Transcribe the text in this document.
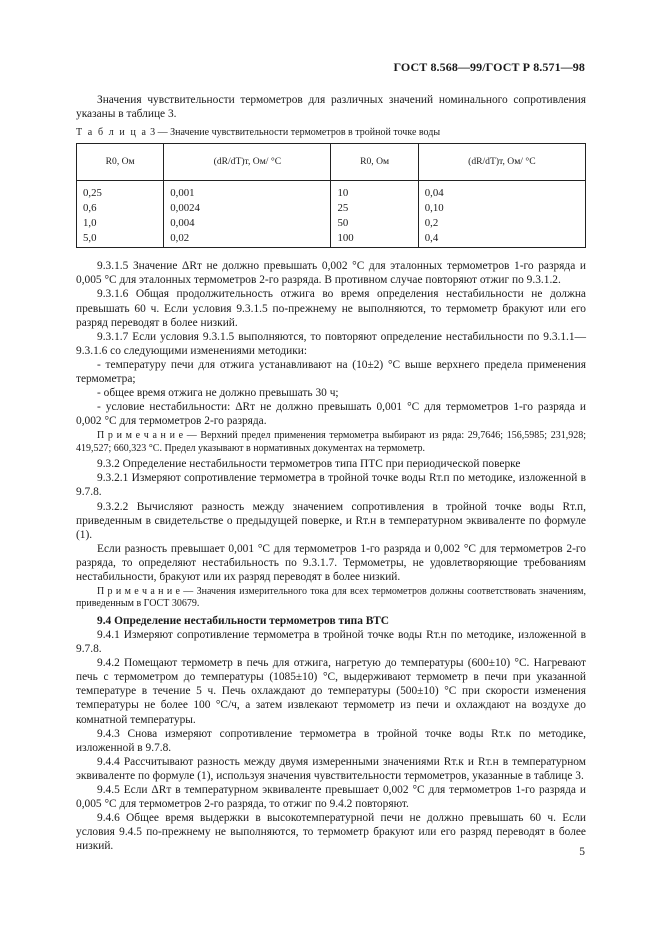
ГОСТ 8.568—99/ГОСТ Р 8.571—98

Значения чувствительности термометров для различных значений номинального сопротивления указаны в таблице 3.

Т а б л и ц а 3 — Значение чувствительности термометров в тройной точке воды
R0, Ом	(dR/dT)т, Ом/ °С	R0, Ом	(dR/dT)т, Ом/ °С
0,25	0,001	10	0,04
0,6	0,0024	25	0,10
1,0	0,004	50	0,2
5,0	0,02	100	0,4

9.3.1.5 Значение ΔRт не должно превышать 0,002 °С для эталонных термометров 1-го разряда и 0,005 °С для эталонных термометров 2-го разряда. В противном случае повторяют отжиг по 9.3.1.2.

9.3.1.6 Общая продолжительность отжига во время определения нестабильности не должна превышать 60 ч. Если условия 9.3.1.5 по-прежнему не выполняются, то термометр бракуют или его разряд переводят в более низкий.

9.3.1.7 Если условия 9.3.1.5 выполняются, то повторяют определение нестабильности по 9.3.1.1—9.3.1.6 со следующими изменениями методики:

- температуру печи для отжига устанавливают на (10±2) °С выше верхнего предела применения термометра;

- общее время отжига не должно превышать 30 ч;

- условие нестабильности: ΔRт не должно превышать 0,001 °С для термометров 1-го разряда и 0,002 °С для термометров 2-го разряда.

П р и м е ч а н и е — Верхний предел применения термометра выбирают из ряда: 29,7646; 156,5985; 231,928; 419,527; 660,323 °С. Предел указывают в нормативных документах на термометр.

9.3.2 Определение нестабильности термометров типа ПТС при периодической поверке

9.3.2.1 Измеряют сопротивление термометра в тройной точке воды Rт.п по методике, изложенной в 9.7.8.

9.3.2.2 Вычисляют разность между значением сопротивления в тройной точке воды Rт.п, приведенным в свидетельстве о предыдущей поверке, и Rт.н в температурном эквиваленте по формуле (1).

Если разность превышает 0,001 °С для термометров 1-го разряда и 0,002 °С для термометров 2-го разряда, то определяют нестабильность по 9.3.1.7. Термометры, не удовлетворяющие требованиям нестабильности, бракуют или их разряд переводят в более низкий.

П р и м е ч а н и е — Значения измерительного тока для всех термометров должны соответствовать значениям, приведенным в ГОСТ 30679.

9.4 Определение нестабильности термометров типа ВТС

9.4.1 Измеряют сопротивление термометра в тройной точке воды Rт.н по методике, изложенной в 9.7.8.

9.4.2 Помещают термометр в печь для отжига, нагретую до температуры (600±10) °С. Нагревают печь с термометром до температуры (1085±10) °С, выдерживают термометр в печи при указанной температуре в течение 5 ч. Печь охлаждают до температуры (500±10) °С при скорости изменения температуры не более 100 °С/ч, а затем извлекают термометр из печи и охлаждают на воздухе до комнатной температуры.

9.4.3 Снова измеряют сопротивление термометра в тройной точке воды Rт.к по методике, изложенной в 9.7.8.

9.4.4 Рассчитывают разность между двумя измеренными значениями Rт.к и Rт.н в температурном эквиваленте по формуле (1), используя значения чувствительности термометров, указанные в таблице 3.

9.4.5 Если ΔRт в температурном эквиваленте превышает 0,002 °С для термометров 1-го разряда и 0,005 °С для термометров 2-го разряда, то отжиг по 9.4.2 повторяют.

9.4.6 Общее время выдержки в высокотемпературной печи не должно превышать 60 ч. Если условия 9.4.5 по-прежнему не выполняются, то термометр бракуют или его разряд переводят в более низкий.	5
